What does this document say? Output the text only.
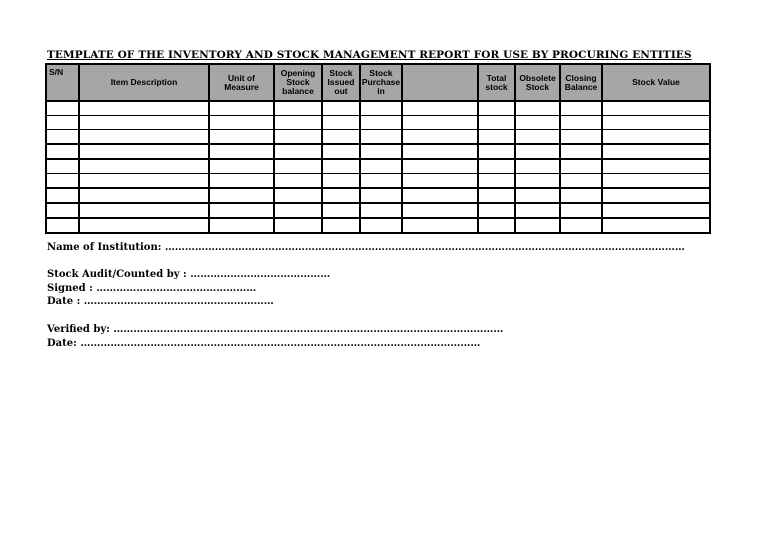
TEMPLATE OF THE INVENTORY AND STOCK MANAGEMENT REPORT FOR USE BY PROCURING ENTITIES
S/N	Item Description	Unit of Measure	Opening Stock balance	Stock Issued out	Stock Purchase in		Total stock	Obsolete Stock	Closing Balance	Stock Value

Name of Institution: …………………………………………………………………………………………………………………………………………
Stock Audit/Counted by : ……………………………………
Signed : …………………………………………
Date : …………………………………………………
Verified by: ………………………………………………………………………………………………………
Date: …………………………………………………………………………………………………………
